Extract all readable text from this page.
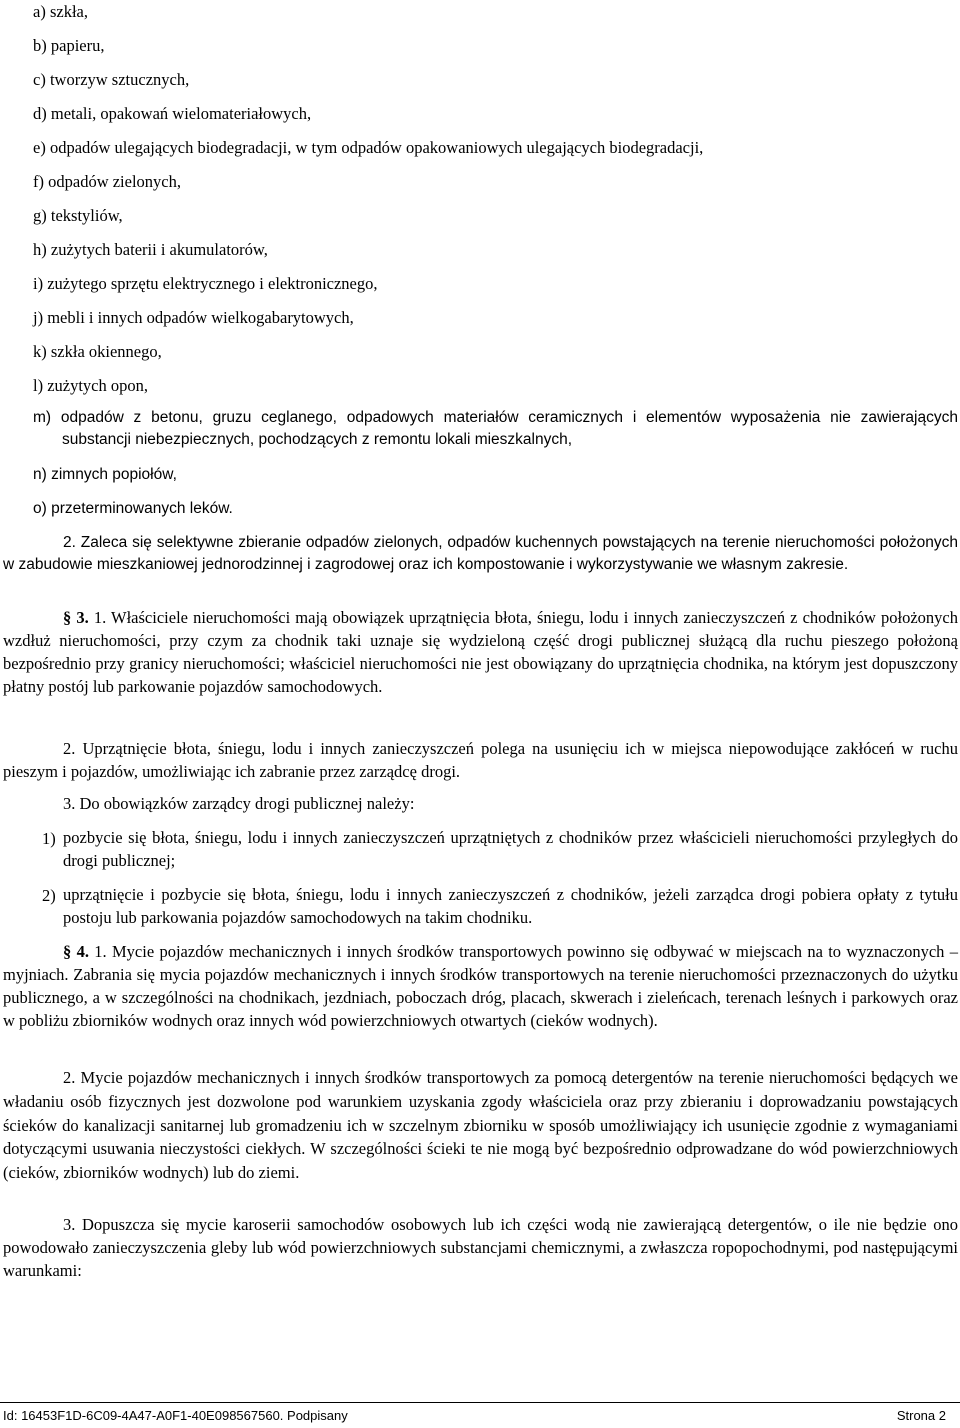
a) szkła,
b) papieru,
c) tworzyw sztucznych,
d) metali, opakowań wielomateriałowych,
e) odpadów ulegających biodegradacji, w tym odpadów opakowaniowych ulegających biodegradacji,
f) odpadów zielonych,
g) tekstyliów,
h) zużytych baterii i akumulatorów,
i) zużytego sprzętu elektrycznego i elektronicznego,
j) mebli i innych odpadów wielkogabarytowych,
k) szkła okiennego,
l) zużytych opon,
m) odpadów z betonu, gruzu ceglanego, odpadowych materiałów ceramicznych i elementów wyposażenia nie zawierających substancji niebezpiecznych, pochodzących z remontu lokali mieszkalnych,
n) zimnych popiołów,
o) przeterminowanych leków.
2. Zaleca się selektywne zbieranie odpadów zielonych, odpadów kuchennych powstających na terenie nieruchomości położonych w zabudowie mieszkaniowej jednorodzinnej i zagrodowej oraz ich kompostowanie i wykorzystywanie we własnym zakresie.
§ 3. 1. Właściciele nieruchomości mają obowiązek uprzątnięcia błota, śniegu, lodu i innych zanieczyszczeń z chodników położonych wzdłuż nieruchomości, przy czym za chodnik taki uznaje się wydzieloną część drogi publicznej służącą dla ruchu pieszego położoną bezpośrednio przy granicy nieruchomości; właściciel nieruchomości nie jest obowiązany do uprzątnięcia chodnika, na którym jest dopuszczony płatny postój lub parkowanie pojazdów samochodowych.
2. Uprzątnięcie błota, śniegu, lodu i innych zanieczyszczeń polega na usunięciu ich w miejsca niepowodujące zakłóceń w ruchu pieszym i pojazdów, umożliwiając ich zabranie przez zarządcę drogi.
3. Do obowiązków zarządcy drogi publicznej należy:
1) pozbycie się błota, śniegu, lodu i innych zanieczyszczeń uprzątniętych z chodników przez właścicieli nieruchomości przyległych do drogi publicznej;
2) uprzątnięcie i pozbycie się błota, śniegu, lodu i innych zanieczyszczeń z chodników, jeżeli zarządca drogi pobiera opłaty z tytułu postoju lub parkowania pojazdów samochodowych na takim chodniku.
§ 4. 1. Mycie pojazdów mechanicznych i innych środków transportowych powinno się odbywać w miejscach na to wyznaczonych – myjniach. Zabrania się mycia pojazdów mechanicznych i innych środków transportowych na terenie nieruchomości przeznaczonych do użytku publicznego, a w szczególności na chodnikach, jezdniach, poboczach dróg, placach, skwerach i zieleńcach, terenach leśnych i parkowych oraz w pobliżu zbiorników wodnych oraz innych wód powierzchniowych otwartych (cieków wodnych).
2. Mycie pojazdów mechanicznych i innych środków transportowych za pomocą detergentów na terenie nieruchomości będących we władaniu osób fizycznych jest dozwolone pod warunkiem uzyskania zgody właściciela oraz przy zbieraniu i doprowadzaniu powstających ścieków do kanalizacji sanitarnej lub gromadzeniu ich w szczelnym zbiorniku w sposób umożliwiający ich usunięcie zgodnie z wymaganiami dotyczącymi usuwania nieczystości ciekłych. W szczególności ścieki te nie mogą być bezpośrednio odprowadzane do wód powierzchniowych (cieków, zbiorników wodnych) lub do ziemi.
3. Dopuszcza się mycie karoserii samochodów osobowych lub ich części wodą nie zawierającą detergentów, o ile nie będzie ono powodowało zanieczyszczenia gleby lub wód powierzchniowych substancjami chemicznymi, a zwłaszcza ropopochodnymi, pod następującymi warunkami:
Id: 16453F1D-6C09-4A47-A0F1-40E098567560. Podpisany	Strona 2
